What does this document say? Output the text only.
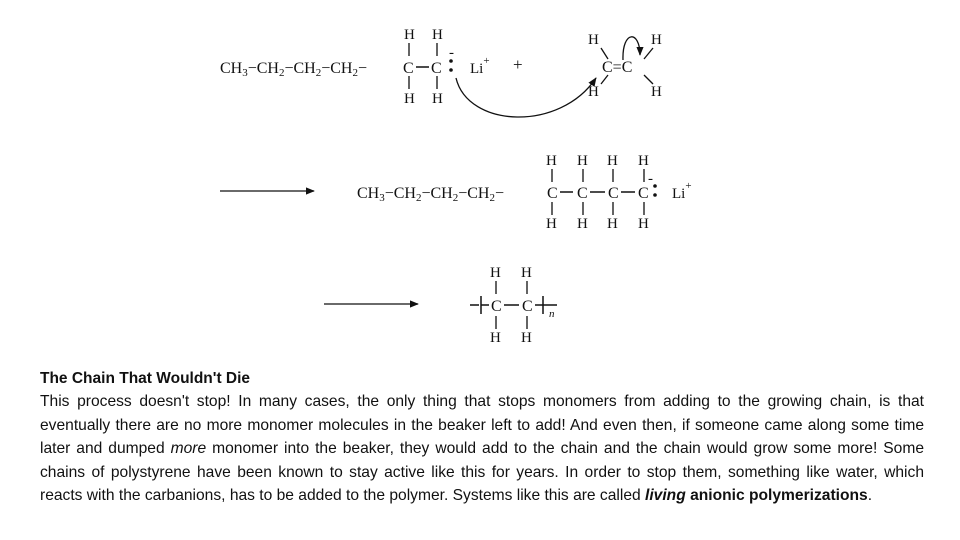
CH3−CH2−CH2−CH2− C C
-
H H
H H
Li+ +
H	H
H	H
C=C
CH3−CH2−CH2−CH2−	C C C C
-
Li+
H H H H
H H H H
C C n
H H
H H
The Chain That Wouldn't Die

This process doesn't stop! In many cases, the only thing that stops monomers from adding to the growing chain, is that eventually there are no more monomer molecules in the beaker left to add! And even then, if someone came along some time later and dumped more monomer into the beaker, they would add to the chain and the chain would grow some more! Some chains of polystyrene have been known to stay active like this for years. In order to stop them, something like water, which reacts with the carbanions, has to be added to the polymer. Systems like this are called living anionic polymerizations.
